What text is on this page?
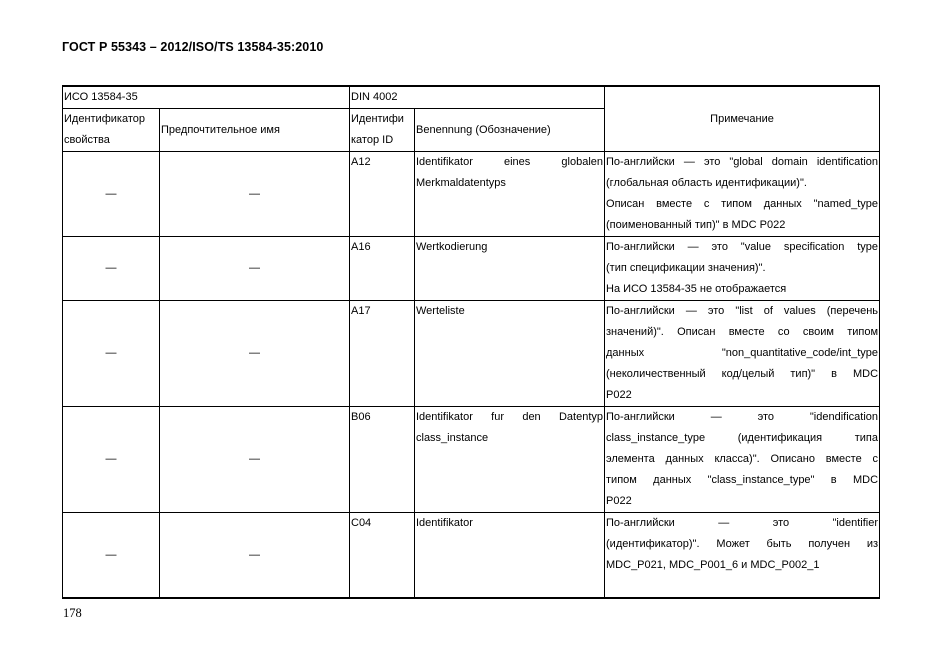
ГОСТ Р 55343 – 2012/ISO/TS 13584-35:2010
ИСО 13584-35		DIN 4002		Примечание
Идентификатор
свойства	Предпочтительное имя	Идентифи
катор ID	Benennung (Обозначение)	
—	—	A12	Identifikator eines globalen Merkmaldatentyps	По-английски — это "global domain identification
(глобальная область идентификации)".
Описан вместе с типом данных "named_type
(поименованный тип)" в MDC P022

—	—	A16	Wertkodierung	По-английски — это "value specification type
(тип спецификации значения)".
На ИСО 13584-35 не отображается

—	—	A17	Werteliste	По-английски — это "list of values (перечень
значений)". Описан вместе со своим типом
данных "non_quantitative_code/int_type
(неколичественный код/целый тип)" в MDC
P022

—	—	B06	Identifikator fur den Datentyp class_instance	По-английски — это "idendification
class_instance_type (идентификация типа
элемента данных класса)". Описано вместе с
типом данных "class_instance_type" в MDC
P022

—	—	C04	Identifikator	По-английски — это "identifier
(идентификатор)". Может быть получен из
MDC_P021, MDC_P001_6 и MDC_P002_1
178
